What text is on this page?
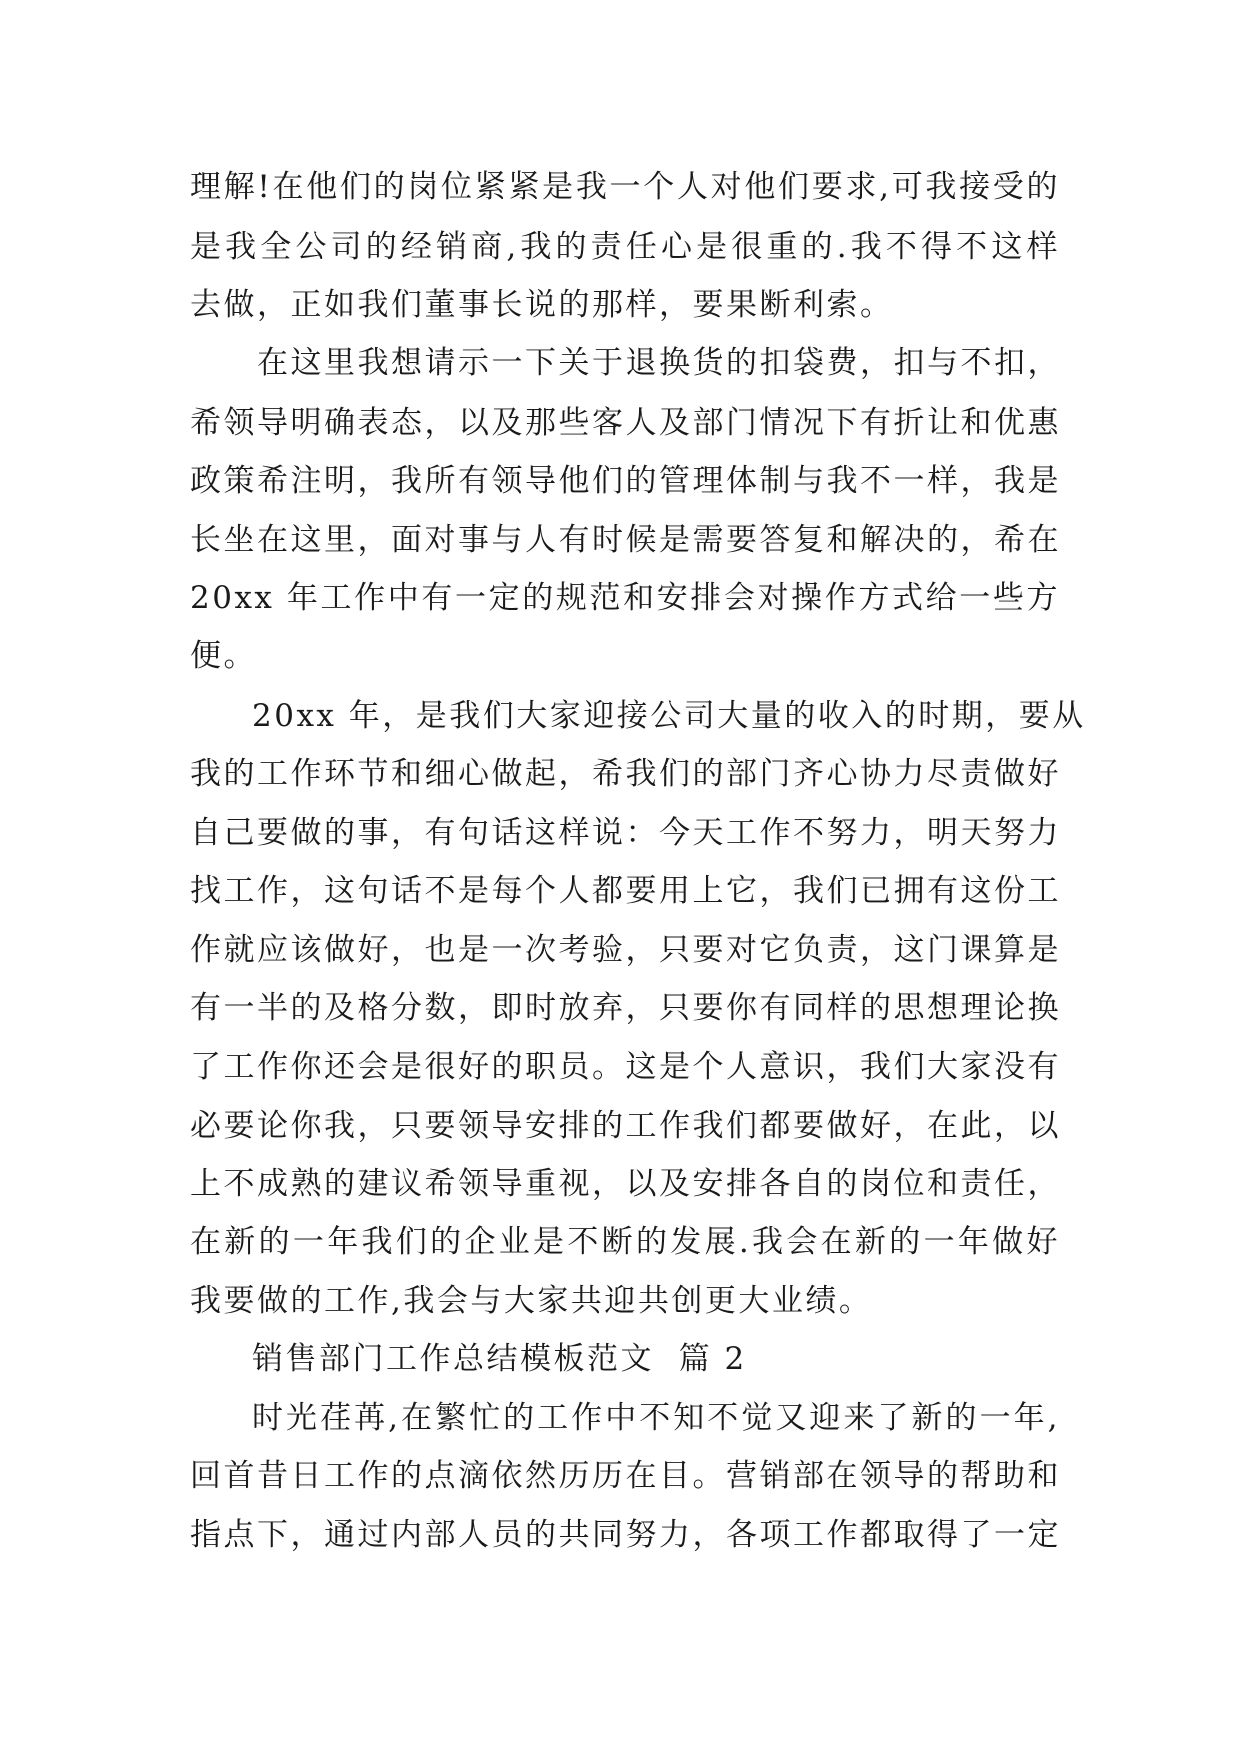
理解!在他们的岗位紧紧是我一个人对他们要求,可我接受的
是我全公司的经销商,我的责任心是很重的.我不得不这样
去做，正如我们董事长说的那样，要果断利索。
在这里我想请示一下关于退换货的扣袋费，扣与不扣，
希领导明确表态，以及那些客人及部门情况下有折让和优惠
政策希注明，我所有领导他们的管理体制与我不一样，我是
长坐在这里，面对事与人有时候是需要答复和解决的，希在
20xx 年工作中有一定的规范和安排会对操作方式给一些方
便。
20xx 年，是我们大家迎接公司大量的收入的时期，要从
我的工作环节和细心做起，希我们的部门齐心协力尽责做好
自己要做的事，有句话这样说：今天工作不努力，明天努力
找工作，这句话不是每个人都要用上它，我们已拥有这份工
作就应该做好，也是一次考验，只要对它负责，这门课算是
有一半的及格分数，即时放弃，只要你有同样的思想理论换
了工作你还会是很好的职员。这是个人意识，我们大家没有
必要论你我，只要领导安排的工作我们都要做好，在此，以
上不成熟的建议希领导重视，以及安排各自的岗位和责任，
在新的一年我们的企业是不断的发展.我会在新的一年做好
我要做的工作,我会与大家共迎共创更大业绩。
销售部门工作总结模板范文  篇 2
时光荏苒,在繁忙的工作中不知不觉又迎来了新的一年,
回首昔日工作的点滴依然历历在目。营销部在领导的帮助和
指点下，通过内部人员的共同努力，各项工作都取得了一定
